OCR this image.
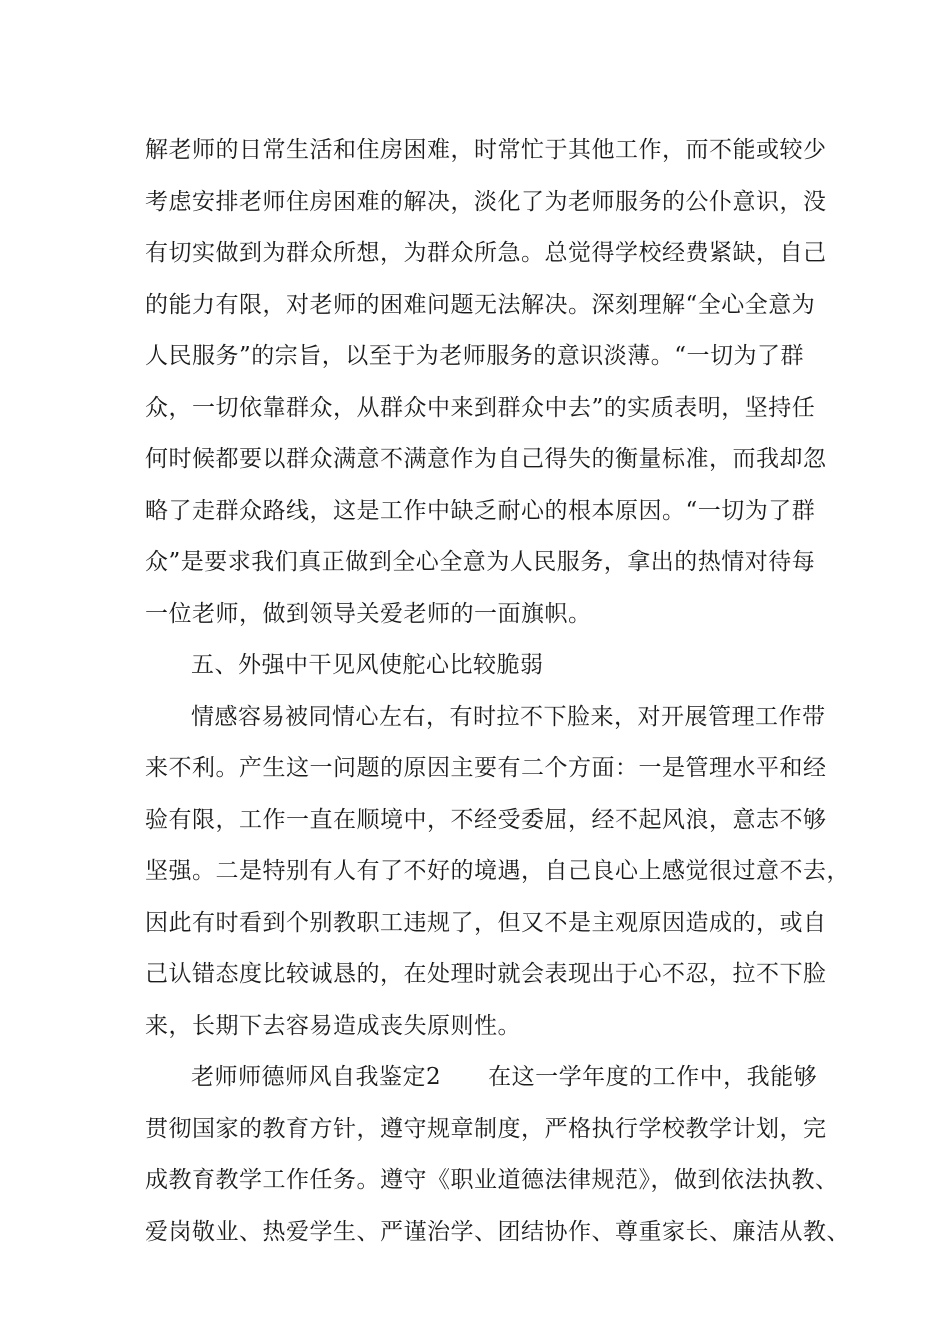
解老师的日常生活和住房困难，时常忙于其他工作，而不能或较少
考虑安排老师住房困难的解决，淡化了为老师服务的公仆意识，没
有切实做到为群众所想，为群众所急。总觉得学校经费紧缺，自己
的能力有限，对老师的困难问题无法解决。深刻理解“全心全意为
人民服务”的宗旨，以至于为老师服务的意识淡薄。“一切为了群
众，一切依靠群众，从群众中来到群众中去”的实质表明，坚持任
何时候都要以群众满意不满意作为自己得失的衡量标准，而我却忽
略了走群众路线，这是工作中缺乏耐心的根本原因。“一切为了群
众”是要求我们真正做到全心全意为人民服务，拿出的热情对待每
一位老师，做到领导关爱老师的一面旗帜。
五、外强中干见风使舵心比较脆弱
情感容易被同情心左右，有时拉不下脸来，对开展管理工作带
来不利。产生这一问题的原因主要有二个方面：一是管理水平和经
验有限，工作一直在顺境中，不经受委屈，经不起风浪，意志不够
坚强。二是特别有人有了不好的境遇，自己良心上感觉很过意不去，
因此有时看到个别教职工违规了，但又不是主观原因造成的，或自
己认错态度比较诚恳的，在处理时就会表现出于心不忍，拉不下脸
来，长期下去容易造成丧失原则性。
老师师德师风自我鉴定2　　在这一学年度的工作中，我能够
贯彻国家的教育方针，遵守规章制度，严格执行学校教学计划，完
成教育教学工作任务。遵守《职业道德法律规范》，做到依法执教、
爱岗敬业、热爱学生、严谨治学、团结协作、尊重家长、廉洁从教、
